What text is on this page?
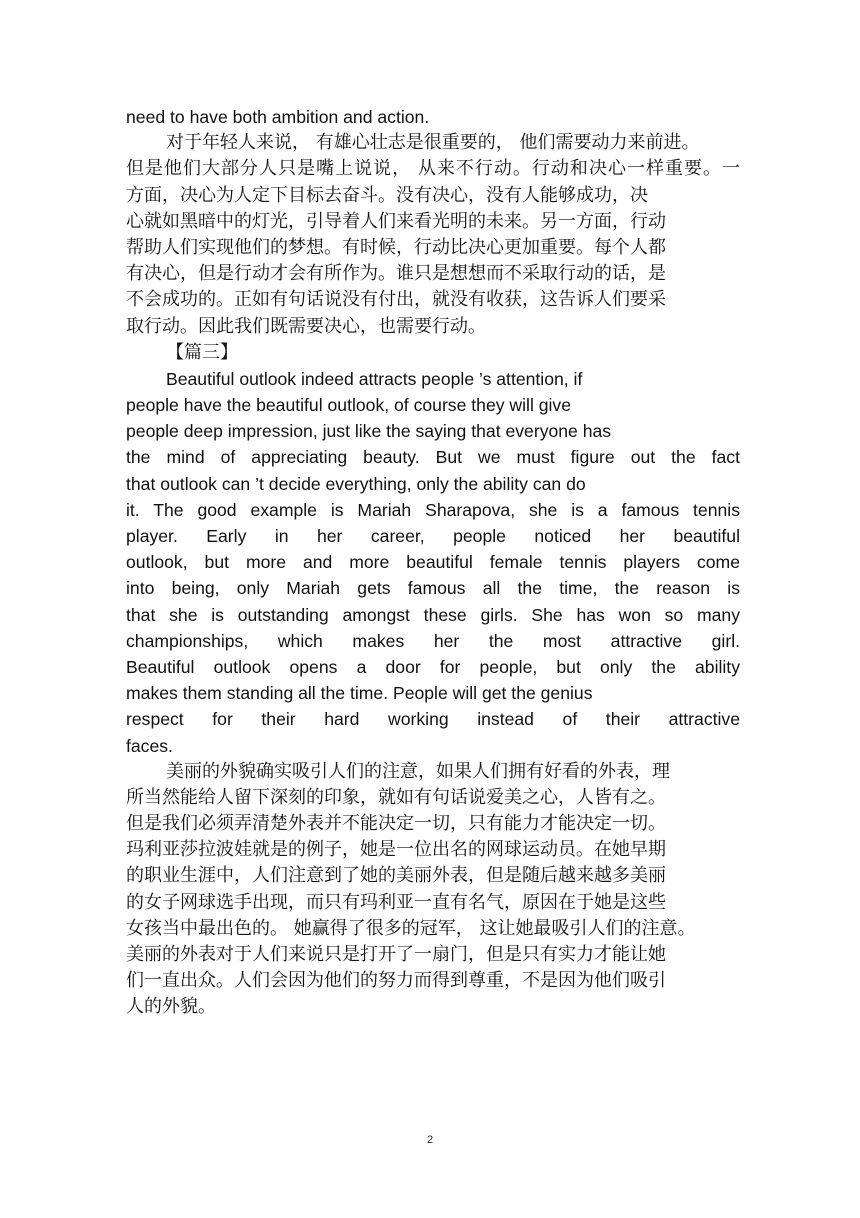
need to have both ambition and action.
对于年轻人来说， 有雄心壮志是很重要的， 他们需要动力来前进。
但是他们大部分人只是嘴上说说， 从来不行动。行动和决心一样重要。一
方面，决心为人定下目标去奋斗。没有决心，没有人能够成功，决
心就如黑暗中的灯光，引导着人们来看光明的未来。另一方面，行动
帮助人们实现他们的梦想。有时候，行动比决心更加重要。每个人都
有决心，但是行动才会有所作为。谁只是想想而不采取行动的话，是
不会成功的。正如有句话说没有付出，就没有收获，这告诉人们要采
取行动。因此我们既需要决心，也需要行动。
【篇三】
Beautiful outlook indeed attracts people ’s attention, if
people have the beautiful outlook, of course they will give
people deep impression, just like the saying that everyone has
the mind of appreciating beauty. But we must figure out the fact
that outlook can ’t decide everything, only the ability can do
it. The good example is Mariah Sharapova, she is a famous tennis
player. Early in her career, people noticed her beautiful
outlook, but more and more beautiful female tennis players come
into being, only Mariah gets famous all the time, the reason is
that she is outstanding amongst these girls. She has won so many
championships, which makes her the most attractive girl.
Beautiful outlook opens a door for people, but only the ability
makes them standing all the time. People will get the genius
respect for their hard working instead of their attractive
faces.
美丽的外貌确实吸引人们的注意，如果人们拥有好看的外表，理
所当然能给人留下深刻的印象，就如有句话说爱美之心，人皆有之。
但是我们必须弄清楚外表并不能决定一切，只有能力才能决定一切。
玛利亚莎拉波娃就是的例子，她是一位出名的网球运动员。在她早期
的职业生涯中，人们注意到了她的美丽外表，但是随后越来越多美丽
的女子网球选手出现，而只有玛利亚一直有名气，原因在于她是这些
女孩当中最出色的。 她赢得了很多的冠军， 这让她最吸引人们的注意。
美丽的外表对于人们来说只是打开了一扇门，但是只有实力才能让她
们一直出众。人们会因为他们的努力而得到尊重，不是因为他们吸引
人的外貌。
2
